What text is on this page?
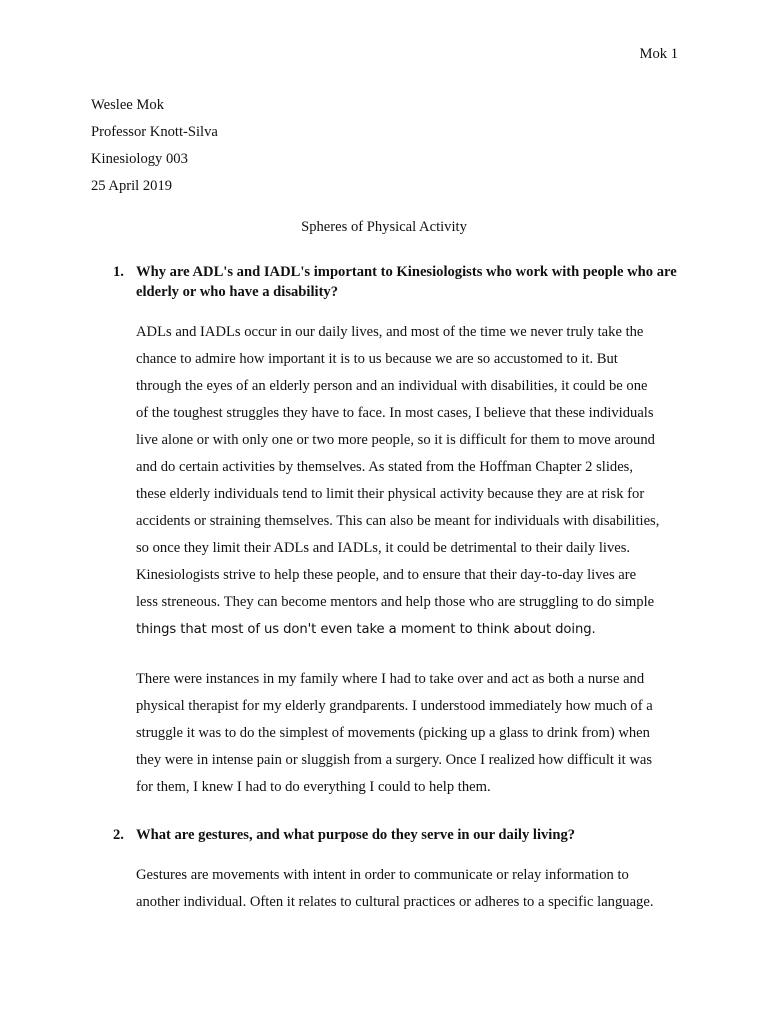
Mok 1
Weslee Mok
Professor Knott-Silva
Kinesiology 003
25 April 2019
Spheres of Physical Activity
1. Why are ADL's and IADL's important to Kinesiologists who work with people who are elderly or who have a disability?
ADLs and IADLs occur in our daily lives, and most of the time we never truly take the
chance to admire how important it is to us because we are so accustomed to it. But
through the eyes of an elderly person and an individual with disabilities, it could be one
of the toughest struggles they have to face. In most cases, I believe that these individuals
live alone or with only one or two more people, so it is difficult for them to move around
and do certain activities by themselves. As stated from the Hoffman Chapter 2 slides,
these elderly individuals tend to limit their physical activity because they are at risk for
accidents or straining themselves. This can also be meant for individuals with disabilities,
so once they limit their ADLs and IADLs, it could be detrimental to their daily lives.
Kinesiologists strive to help these people, and to ensure that their day-to-day lives are
less streneous. They can become mentors and help those who are struggling to do simple
things that most of us don't even take a moment to think about doing.
There were instances in my family where I had to take over and act as both a nurse and
physical therapist for my elderly grandparents. I understood immediately how much of a
struggle it was to do the simplest of movements (picking up a glass to drink from) when
they were in intense pain or sluggish from a surgery. Once I realized how difficult it was
for them, I knew I had to do everything I could to help them.
2. What are gestures, and what purpose do they serve in our daily living?
Gestures are movements with intent in order to communicate or relay information to
another individual. Often it relates to cultural practices or adheres to a specific language.
